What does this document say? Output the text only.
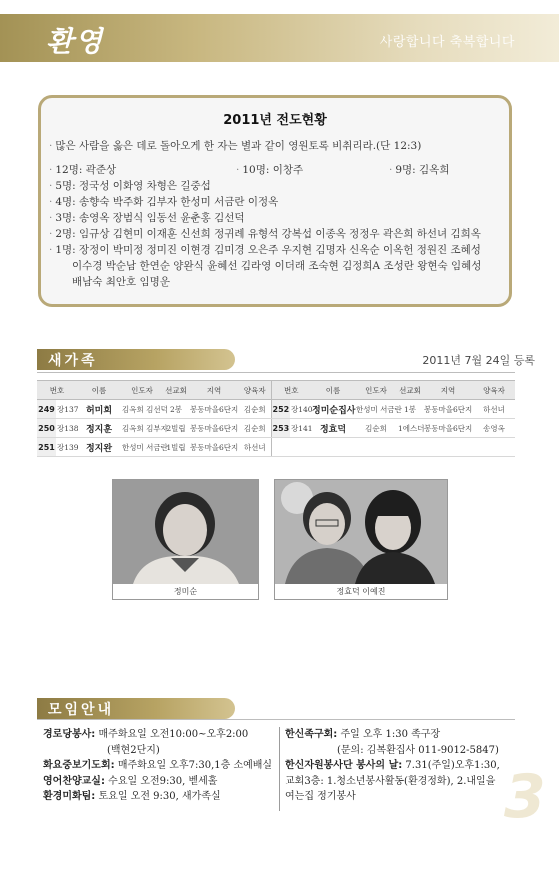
환영	사랑합니다 축복합니다
2011년 전도현황
· 많은 사람을 옳은 데로 돌아오게 한 자는 별과 같이 영원토록 비취리라.(단 12:3)
· 12명: 곽준상	· 10명: 이창주	· 9명: 김옥희
· 5명: 정국성 이화영 차형은 길중섭
· 4명: 송향숙 박주화 김부자 한성미 서금란 이정옥
· 3명: 송영옥 장범식 임동선 윤춘홍 김선덕
· 2명: 임규상 김현미 이재훈 신선희 정귀례 유형석 강복섭 이종옥 정정우 곽은희 하선녀 김희옥
· 1명: 장정이 박미정 정미진 이현경 김미경 오은주 우지현 김명자 신옥순 이옥헌 정원진 조혜성
이수경 박순남 한연순 양완식 윤혜선 김라영 이더래 조숙현 김정희A 조성란 왕현숙 임혜성
배남숙 최안호 임명운
새가족	2011년 7월 24일 등록
번호		이름	인도자	선교회	지역	양육자	번호		이름	인도자	선교회	지역	양육자
249	장137	허미희	김옥희 김선덕	2봉	봉동마을6단지	김순희	252	장140	정미순집사	한성미 서금란	1봉	봉동마을6단지	하선녀
250	장138	정지훈	김옥희 김부자	2빌립	봉동마을6단지	김순희	253	장141	정효덕	김순희	1에스더	봉동마을6단지	송영옥
251	장139	정지완	한성미 서금란	1빌립	봉동마을6단지	하선녀							
정미순	정효덕 이예진
모임안내
경로당봉사: 매주화요일 오전10:00~오후2:00
(백현2단지)
화요중보기도회: 매주화요일 오후7:30,1층 소예배실
영어찬양교실: 수요일 오전9:30, 벧세홀
환경미화팀: 토요일 오전 9:30, 새가족실
한신족구회: 주일 오후 1:30 족구장
(문의: 김복환집사 011-9012-5847)
한신자원봉사단 봉사의 날: 7.31(주일)오후1:30,
교회3층: 1.청소년봉사활동(환경정화), 2.내일을
여는집 정기봉사	3
